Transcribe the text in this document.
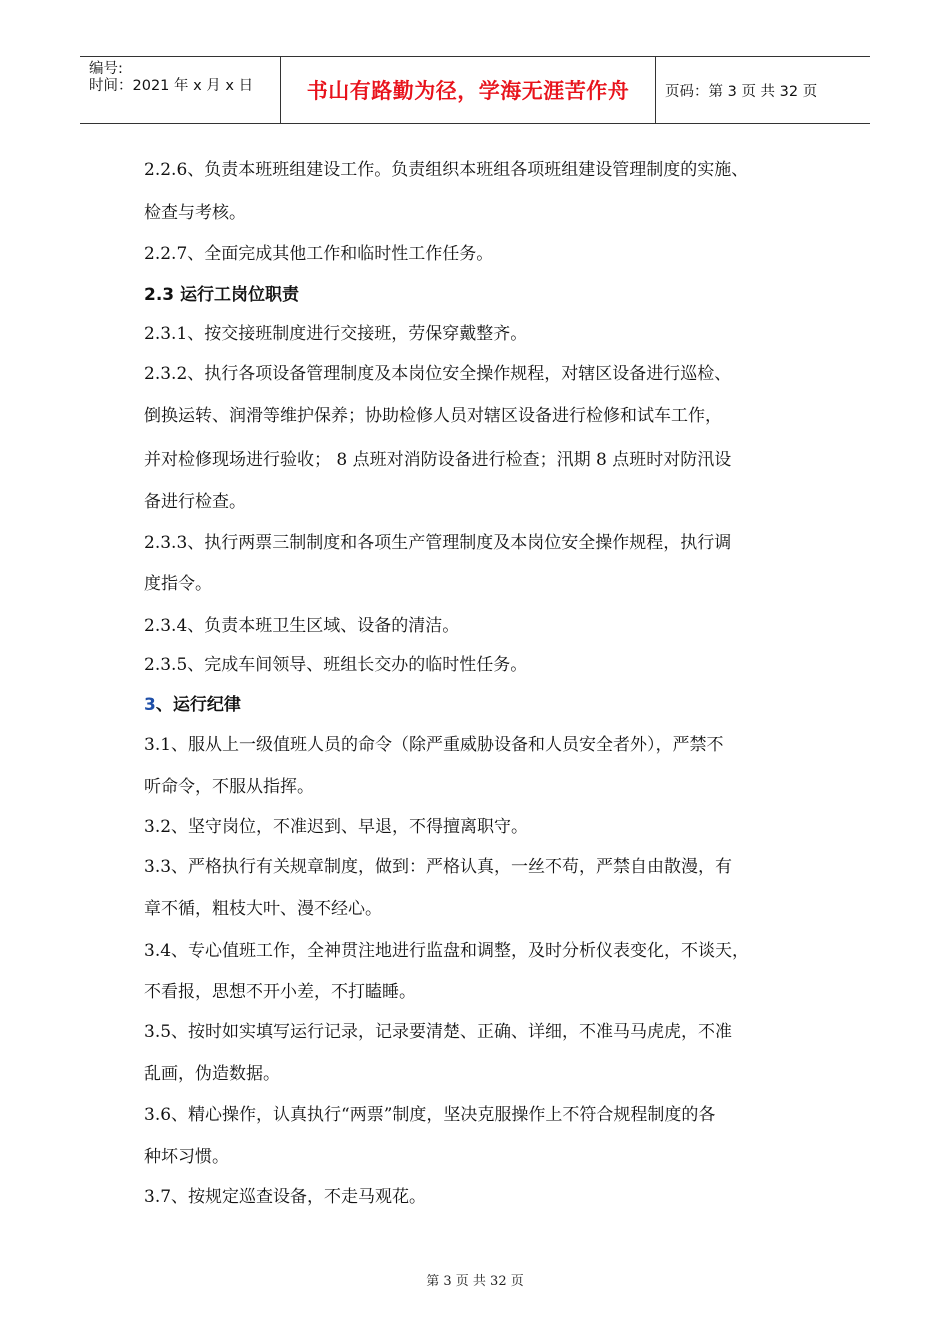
编号:
时间：2021 年 x 月 x 日	书山有路勤为径，学海无涯苦作舟	页码：第 3 页 共 32 页
2.2.6、负责本班班组建设工作。负责组织本班组各项班组建设管理制度的实施、
检查与考核。
2.2.7、全面完成其他工作和临时性工作任务。
2.3 运行工岗位职责
2.3.1、按交接班制度进行交接班，劳保穿戴整齐。
2.3.2、执行各项设备管理制度及本岗位安全操作规程，对辖区设备进行巡检、
倒换运转、润滑等维护保养；协助检修人员对辖区设备进行检修和试车工作，
并对检修现场进行验收； 8 点班对消防设备进行检查；汛期 8 点班时对防汛设
备进行检查。
2.3.3、执行两票三制制度和各项生产管理制度及本岗位安全操作规程，执行调
度指令。
2.3.4、负责本班卫生区域、设备的清洁。
2.3.5、完成车间领导、班组长交办的临时性任务。
3、运行纪律
3.1、服从上一级值班人员的命令（除严重威胁设备和人员安全者外），严禁不
听命令，不服从指挥。
3.2、坚守岗位，不准迟到、早退，不得擅离职守。
3.3、严格执行有关规章制度，做到：严格认真，一丝不苟，严禁自由散漫，有
章不循，粗枝大叶、漫不经心。
3.4、专心值班工作，全神贯注地进行监盘和调整，及时分析仪表变化，不谈天，
不看报，思想不开小差，不打瞌睡。
3.5、按时如实填写运行记录，记录要清楚、正确、详细，不准马马虎虎，不准
乱画，伪造数据。
3.6、精心操作，认真执行“两票”制度，坚决克服操作上不符合规程制度的各
种坏习惯。
3.7、按规定巡查设备，不走马观花。
第 3 页 共 32 页
